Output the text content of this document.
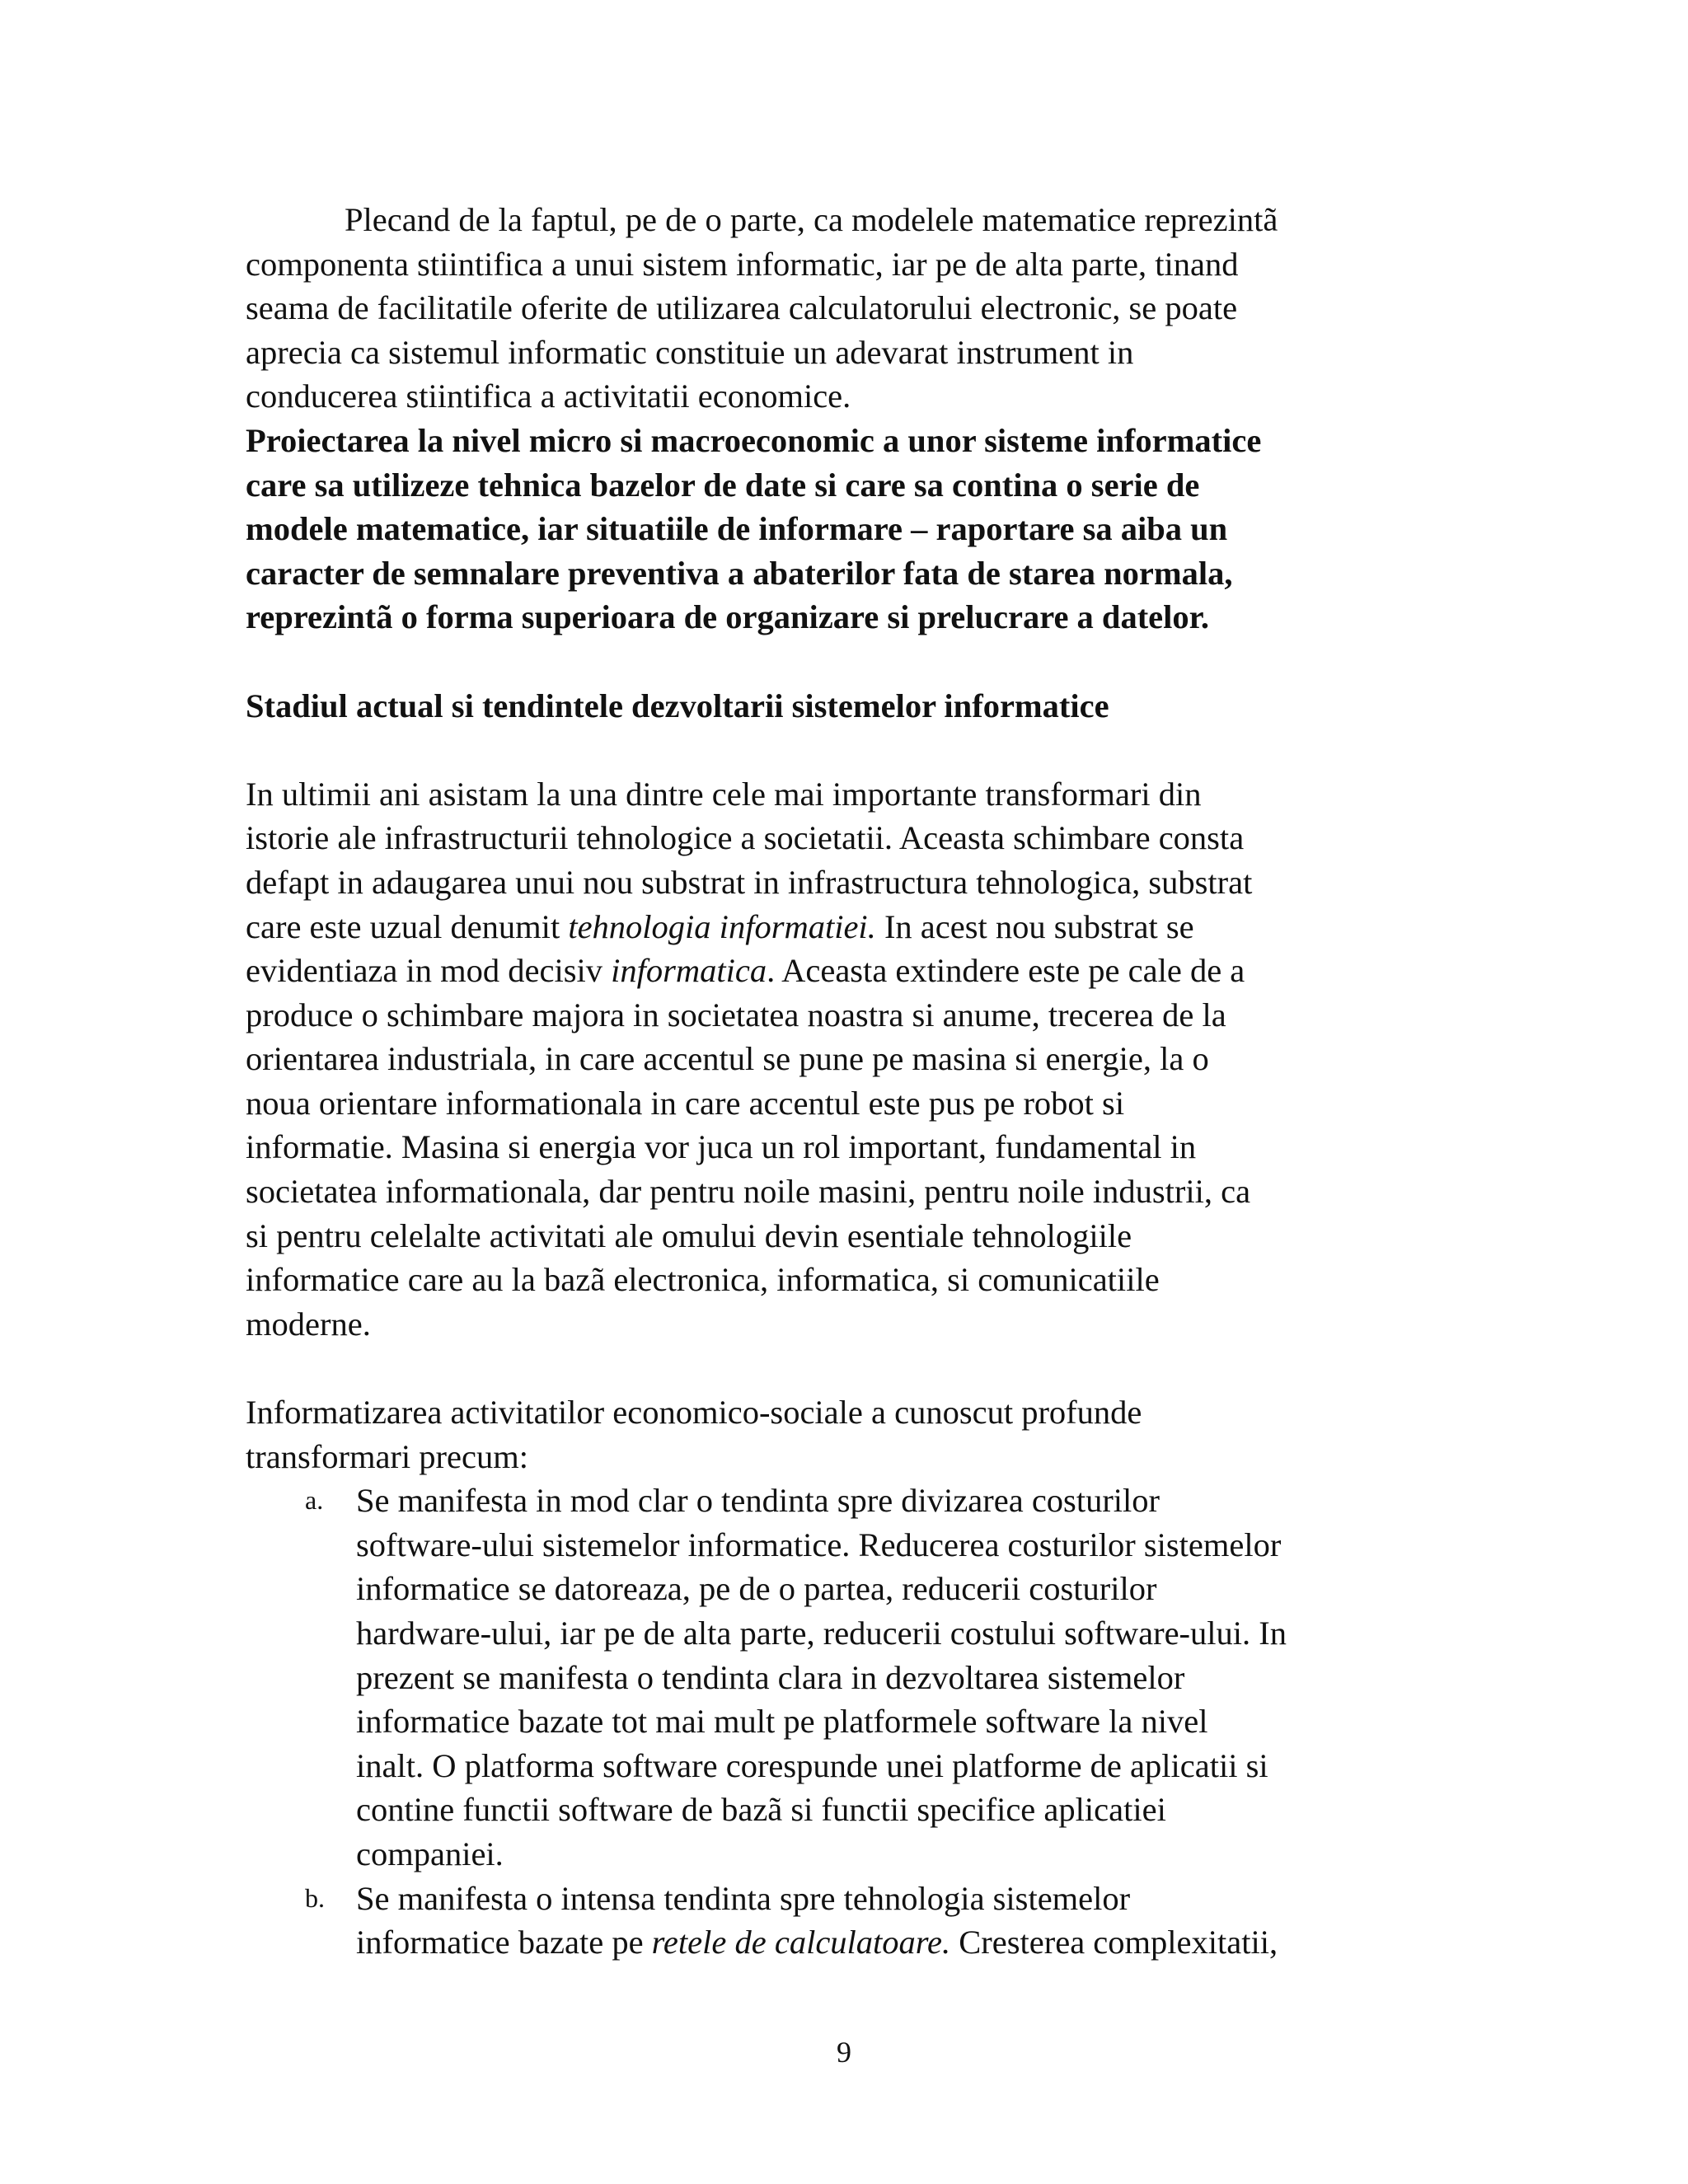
Plecand de la faptul, pe de o parte, ca modelele matematice reprezintã
componenta stiintifica a unui sistem informatic, iar pe de alta parte, tinand
seama de facilitatile oferite de utilizarea calculatorului electronic, se poate
aprecia ca sistemul informatic constituie un adevarat instrument in
conducerea stiintifica a activitatii economice.
Proiectarea la nivel micro si macroeconomic a unor sisteme informatice
care sa utilizeze tehnica bazelor de date si care sa contina o serie de
modele matematice, iar situatiile de informare – raportare sa aiba un
caracter de semnalare preventiva a abaterilor fata de starea normala,
reprezintã o forma superioara de organizare si prelucrare a datelor.
Stadiul actual si tendintele dezvoltarii sistemelor informatice
In ultimii ani asistam la una dintre cele mai importante transformari din
istorie ale infrastructurii tehnologice a societatii. Aceasta schimbare consta
defapt in adaugarea unui nou substrat in infrastructura tehnologica, substrat
care este uzual denumit tehnologia informatiei. In acest nou substrat se
evidentiaza in mod decisiv informatica. Aceasta extindere este pe cale de a
produce o schimbare majora in societatea noastra si anume, trecerea de la
orientarea industriala, in care accentul se pune pe masina si energie, la o
noua orientare informationala in care accentul este pus pe robot si
informatie. Masina si energia vor juca un rol important, fundamental in
societatea informationala, dar pentru noile masini, pentru noile industrii, ca
si pentru celelalte activitati ale omului devin esentiale tehnologiile
informatice care au la bazã electronica, informatica, si comunicatiile
moderne.
Informatizarea activitatilor economico-sociale a cunoscut profunde
transformari precum:
a. Se manifesta in mod clar o tendinta spre divizarea costurilor
software-ului sistemelor informatice. Reducerea costurilor sistemelor
informatice se datoreaza, pe de o partea, reducerii costurilor
hardware-ului, iar pe de alta parte, reducerii costului software-ului. In
prezent se manifesta o tendinta clara in dezvoltarea sistemelor
informatice bazate tot mai mult pe platformele software la nivel
inalt. O platforma software corespunde unei platforme de aplicatii si
contine functii software de bazã si functii specifice aplicatiei
companiei.
b. Se manifesta o intensa tendinta spre tehnologia sistemelor
informatice bazate pe retele de calculatoare. Cresterea complexitatii,
9
